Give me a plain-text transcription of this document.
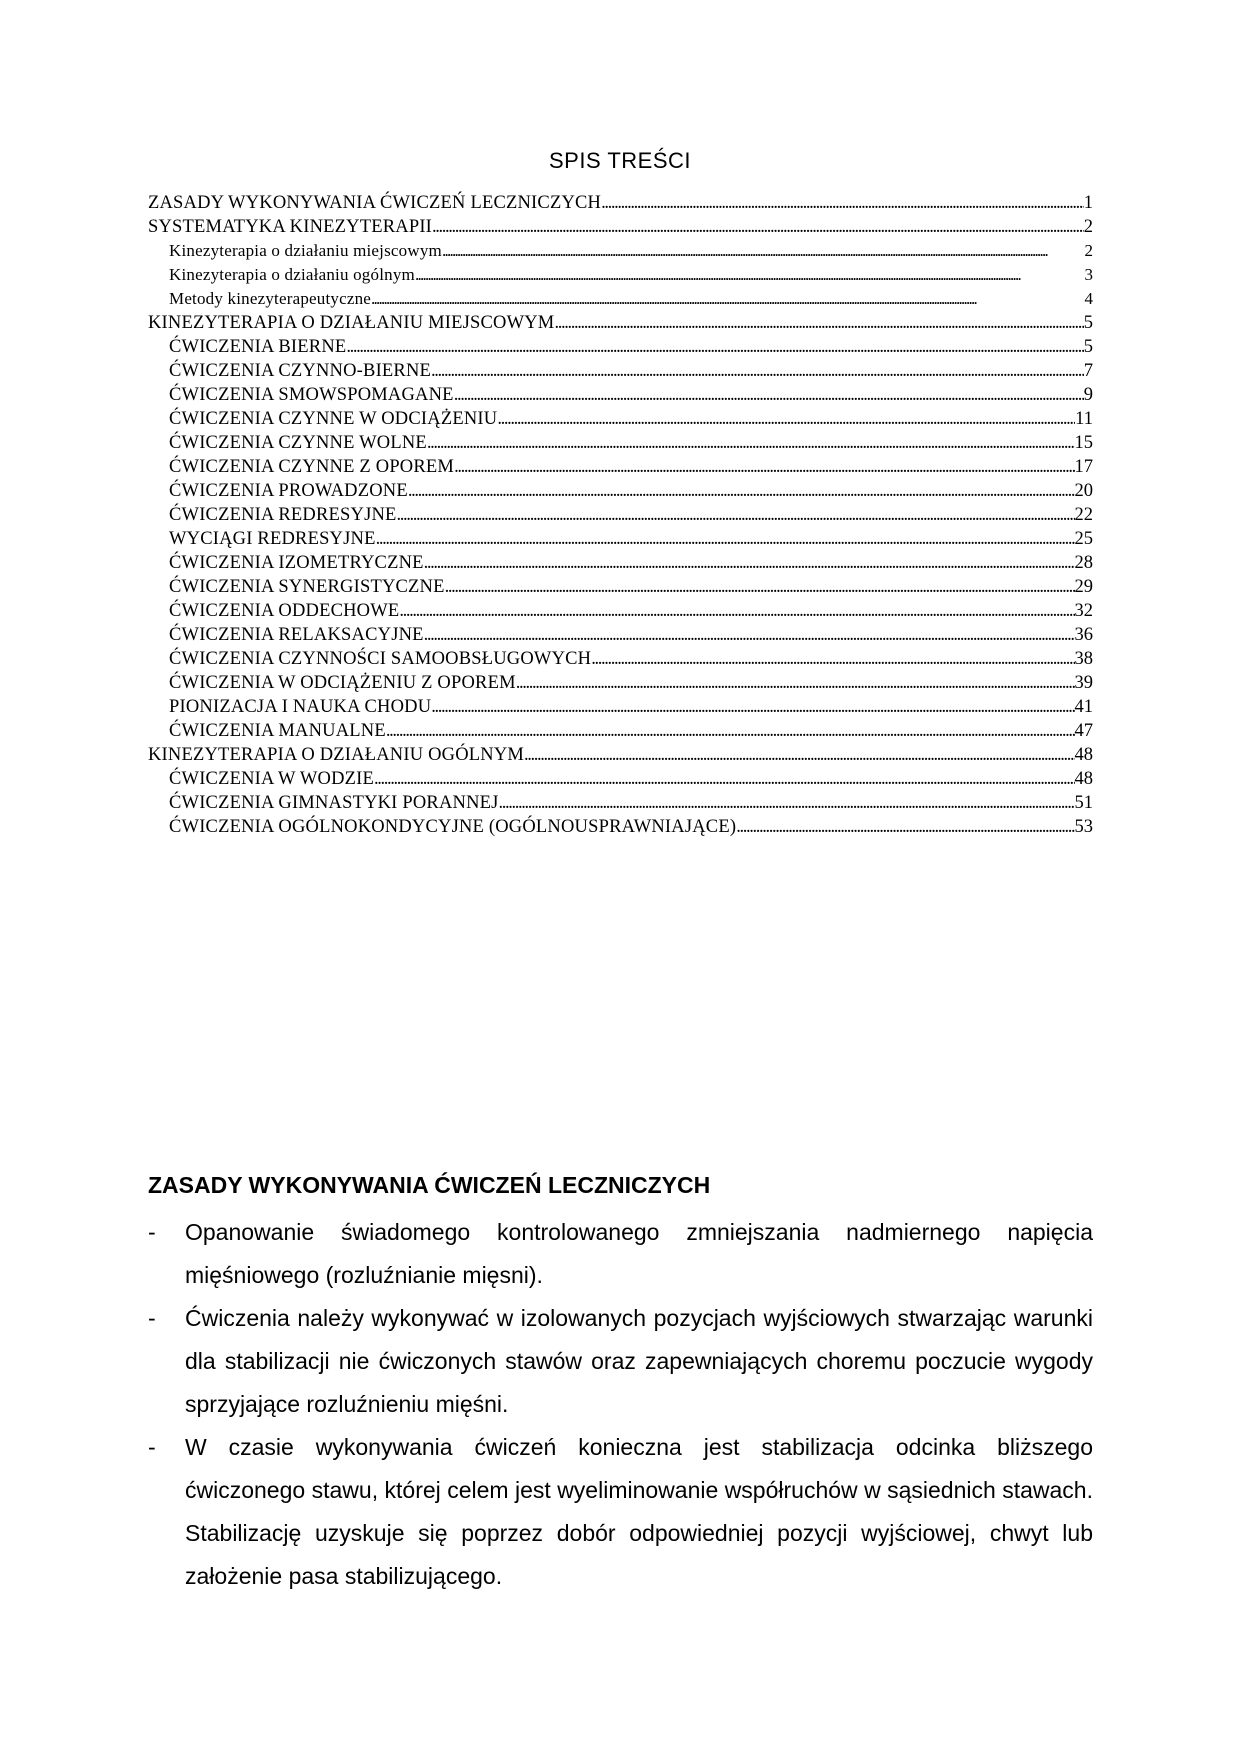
SPIS TREŚCI
ZASADY WYKONYWANIA ĆWICZEŃ LECZNICZYCH . . .	1
SYSTEMATYKA KINEZYTERAPII . . .	2
Kinezyterapia o działaniu miejscowym . . .	2
Kinezyterapia o działaniu ogólnym . . .	3
Metody kinezyterapeutyczne . . .	4
KINEZYTERAPIA O DZIAŁANIU MIEJSCOWYM . . .	5
ĆWICZENIA BIERNE . . .	5
ĆWICZENIA CZYNNO-BIERNE . . .	7
ĆWICZENIA SMOWSPOMAGANE . . .	9
ĆWICZENIA CZYNNE W ODCIĄŻENIU . . .	11
ĆWICZENIA CZYNNE WOLNE . . .	15
ĆWICZENIA CZYNNE Z OPOREM . . .	17
ĆWICZENIA PROWADZONE . . .	20
ĆWICZENIA REDRESYJNE . . .	22
WYCIĄGI REDRESYJNE . . .	25
ĆWICZENIA IZOMETRYCZNE . . .	28
ĆWICZENIA SYNERGISTYCZNE . . .	29
ĆWICZENIA ODDECHOWE . . .	32
ĆWICZENIA RELAKSACYJNE . . .	36
ĆWICZENIA CZYNNOŚCI SAMOOBSŁUGOWYCH . . .	38
ĆWICZENIA W ODCIĄŻENIU Z OPOREM . . .	39
PIONIZACJA I NAUKA CHODU . . .	41
ĆWICZENIA MANUALNE . . .	47
KINEZYTERAPIA O DZIAŁANIU OGÓLNYM . . .	48
ĆWICZENIA W WODZIE . . .	48
ĆWICZENIA GIMNASTYKI PORANNEJ . . .	51
ĆWICZENIA OGÓLNOKONDYCYJNE (OGÓLNOUSPRAWNIAJĄCE) . . .	53
ZASADY WYKONYWANIA ĆWICZEŃ LECZNICZYCH
- Opanowanie świadomego kontrolowanego zmniejszania nadmiernego napięcia mięśniowego (rozluźnianie mięsni).
- Ćwiczenia należy wykonywać w izolowanych pozycjach wyjściowych stwarzając warunki dla stabilizacji nie ćwiczonych stawów oraz zapewniających choremu poczucie wygody sprzyjające rozluźnieniu mięśni.
- W czasie wykonywania ćwiczeń konieczna jest stabilizacja odcinka bliższego ćwiczonego stawu, której celem jest wyeliminowanie współruchów w sąsiednich stawach. Stabilizację uzyskuje się poprzez dobór odpowiedniej pozycji wyjściowej, chwyt lub założenie pasa stabilizującego.
